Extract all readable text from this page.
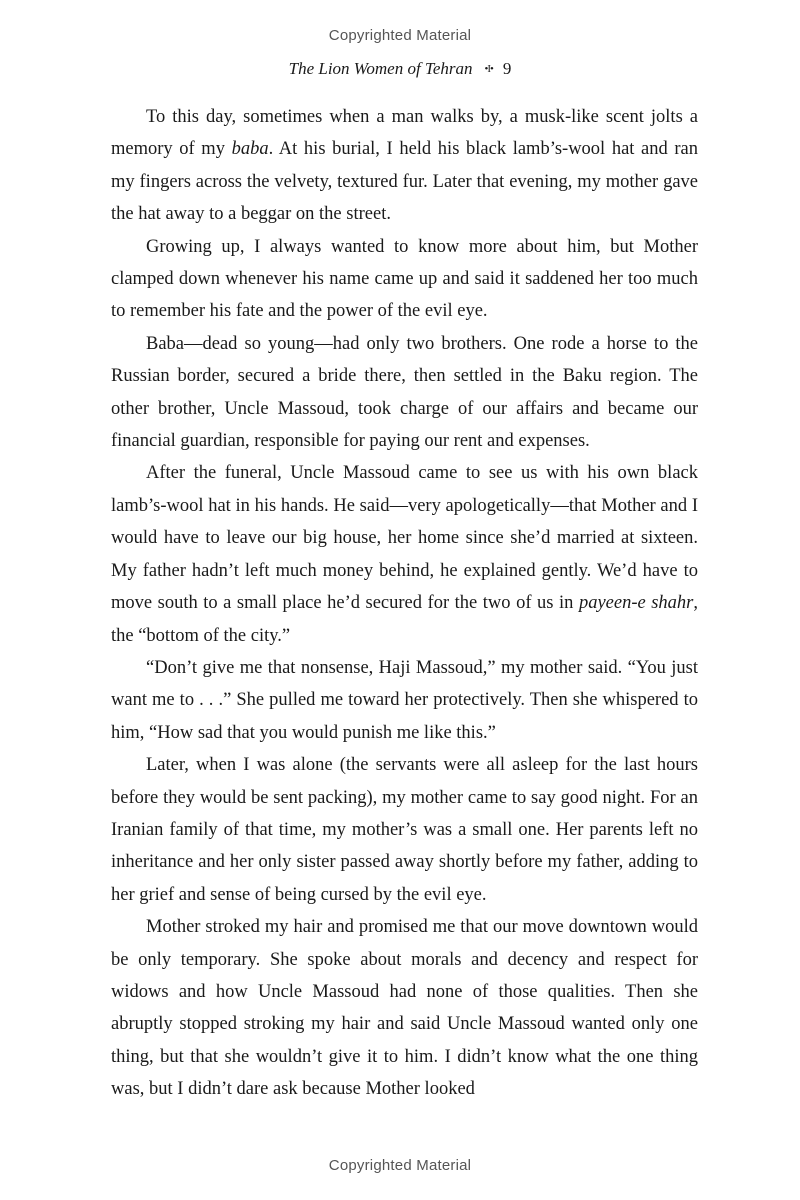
Copyrighted Material
The Lion Women of Tehran •I• 9

To this day, sometimes when a man walks by, a musk-like scent jolts a memory of my baba. At his burial, I held his black lamb’s-wool hat and ran my fingers across the velvety, textured fur. Later that evening, my mother gave the hat away to a beggar on the street.

Growing up, I always wanted to know more about him, but Mother clamped down whenever his name came up and said it saddened her too much to remember his fate and the power of the evil eye.

Baba—dead so young—had only two brothers. One rode a horse to the Russian border, secured a bride there, then settled in the Baku region. The other brother, Uncle Massoud, took charge of our affairs and became our financial guardian, responsible for paying our rent and expenses.

After the funeral, Uncle Massoud came to see us with his own black lamb’s-wool hat in his hands. He said—very apologetically—that Mother and I would have to leave our big house, her home since she’d married at sixteen. My father hadn’t left much money behind, he explained gently. We’d have to move south to a small place he’d secured for the two of us in payeen-e shahr, the “bottom of the city.”

“Don’t give me that nonsense, Haji Massoud,” my mother said. “You just want me to . . .” She pulled me toward her protectively. Then she whispered to him, “How sad that you would punish me like this.”

Later, when I was alone (the servants were all asleep for the last hours before they would be sent packing), my mother came to say good night. For an Iranian family of that time, my mother’s was a small one. Her parents left no inheritance and her only sister passed away shortly before my father, adding to her grief and sense of being cursed by the evil eye.

Mother stroked my hair and promised me that our move downtown would be only temporary. She spoke about morals and decency and respect for widows and how Uncle Massoud had none of those qualities. Then she abruptly stopped stroking my hair and said Uncle Massoud wanted only one thing, but that she wouldn’t give it to him. I didn’t know what the one thing was, but I didn’t dare ask because Mother looked

Copyrighted Material
